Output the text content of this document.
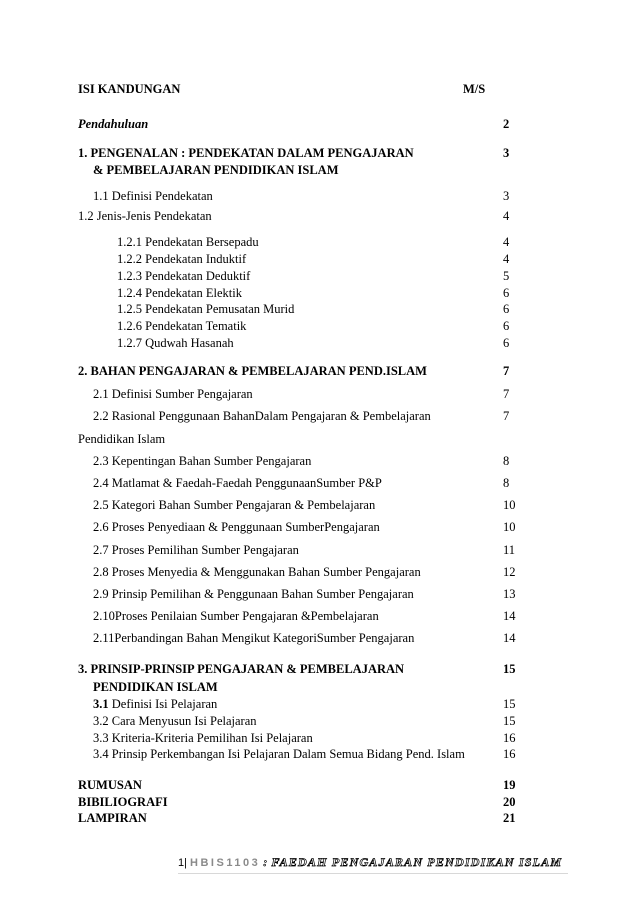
ISI KANDUNGAN	M/S
Pendahuluan	2
1. PENGENALAN : PENDEKATAN DALAM PENGAJARAN	3
& PEMBELAJARAN PENDIDIKAN ISLAM
1.1 Definisi Pendekatan	3
1.2 Jenis-Jenis Pendekatan	4
1.2.1 Pendekatan Bersepadu	4
1.2.2 Pendekatan Induktif	4
1.2.3 Pendekatan Deduktif	5
1.2.4 Pendekatan Elektik	6
1.2.5 Pendekatan Pemusatan Murid	6
1.2.6 Pendekatan Tematik	6
1.2.7 Qudwah Hasanah	6
2. BAHAN PENGAJARAN & PEMBELAJARAN PEND.ISLAM	7
2.1 Definisi Sumber Pengajaran	7
2.2 Rasional Penggunaan BahanDalam Pengajaran & Pembelajaran	7
Pendidikan Islam
2.3 Kepentingan Bahan Sumber Pengajaran	8
2.4 Matlamat & Faedah-Faedah PenggunaanSumber P&P	8
2.5 Kategori Bahan Sumber Pengajaran & Pembelajaran	10
2.6 Proses Penyediaan & Penggunaan SumberPengajaran	10
2.7 Proses Pemilihan Sumber Pengajaran	11
2.8 Proses Menyedia & Menggunakan Bahan Sumber Pengajaran	12
2.9 Prinsip Pemilihan & Penggunaan Bahan Sumber Pengajaran	13
2.10Proses Penilaian Sumber Pengajaran &Pembelajaran	14
2.11Perbandingan Bahan Mengikut KategoriSumber Pengajaran	14
3. PRINSIP-PRINSIP PENGAJARAN & PEMBELAJARAN	15
PENDIDIKAN ISLAM
3.1 Definisi Isi Pelajaran	15
3.2 Cara Menyusun Isi Pelajaran	15
3.3 Kriteria-Kriteria Pemilihan Isi Pelajaran	16
3.4 Prinsip Perkembangan Isi Pelajaran Dalam Semua Bidang Pend. Islam	16
RUMUSAN	19
BIBILIOGRAFI	20
LAMPIRAN	21
1| HBIS1103 : FAEDAH PENGAJARAN PENDIDIKAN ISLAM
